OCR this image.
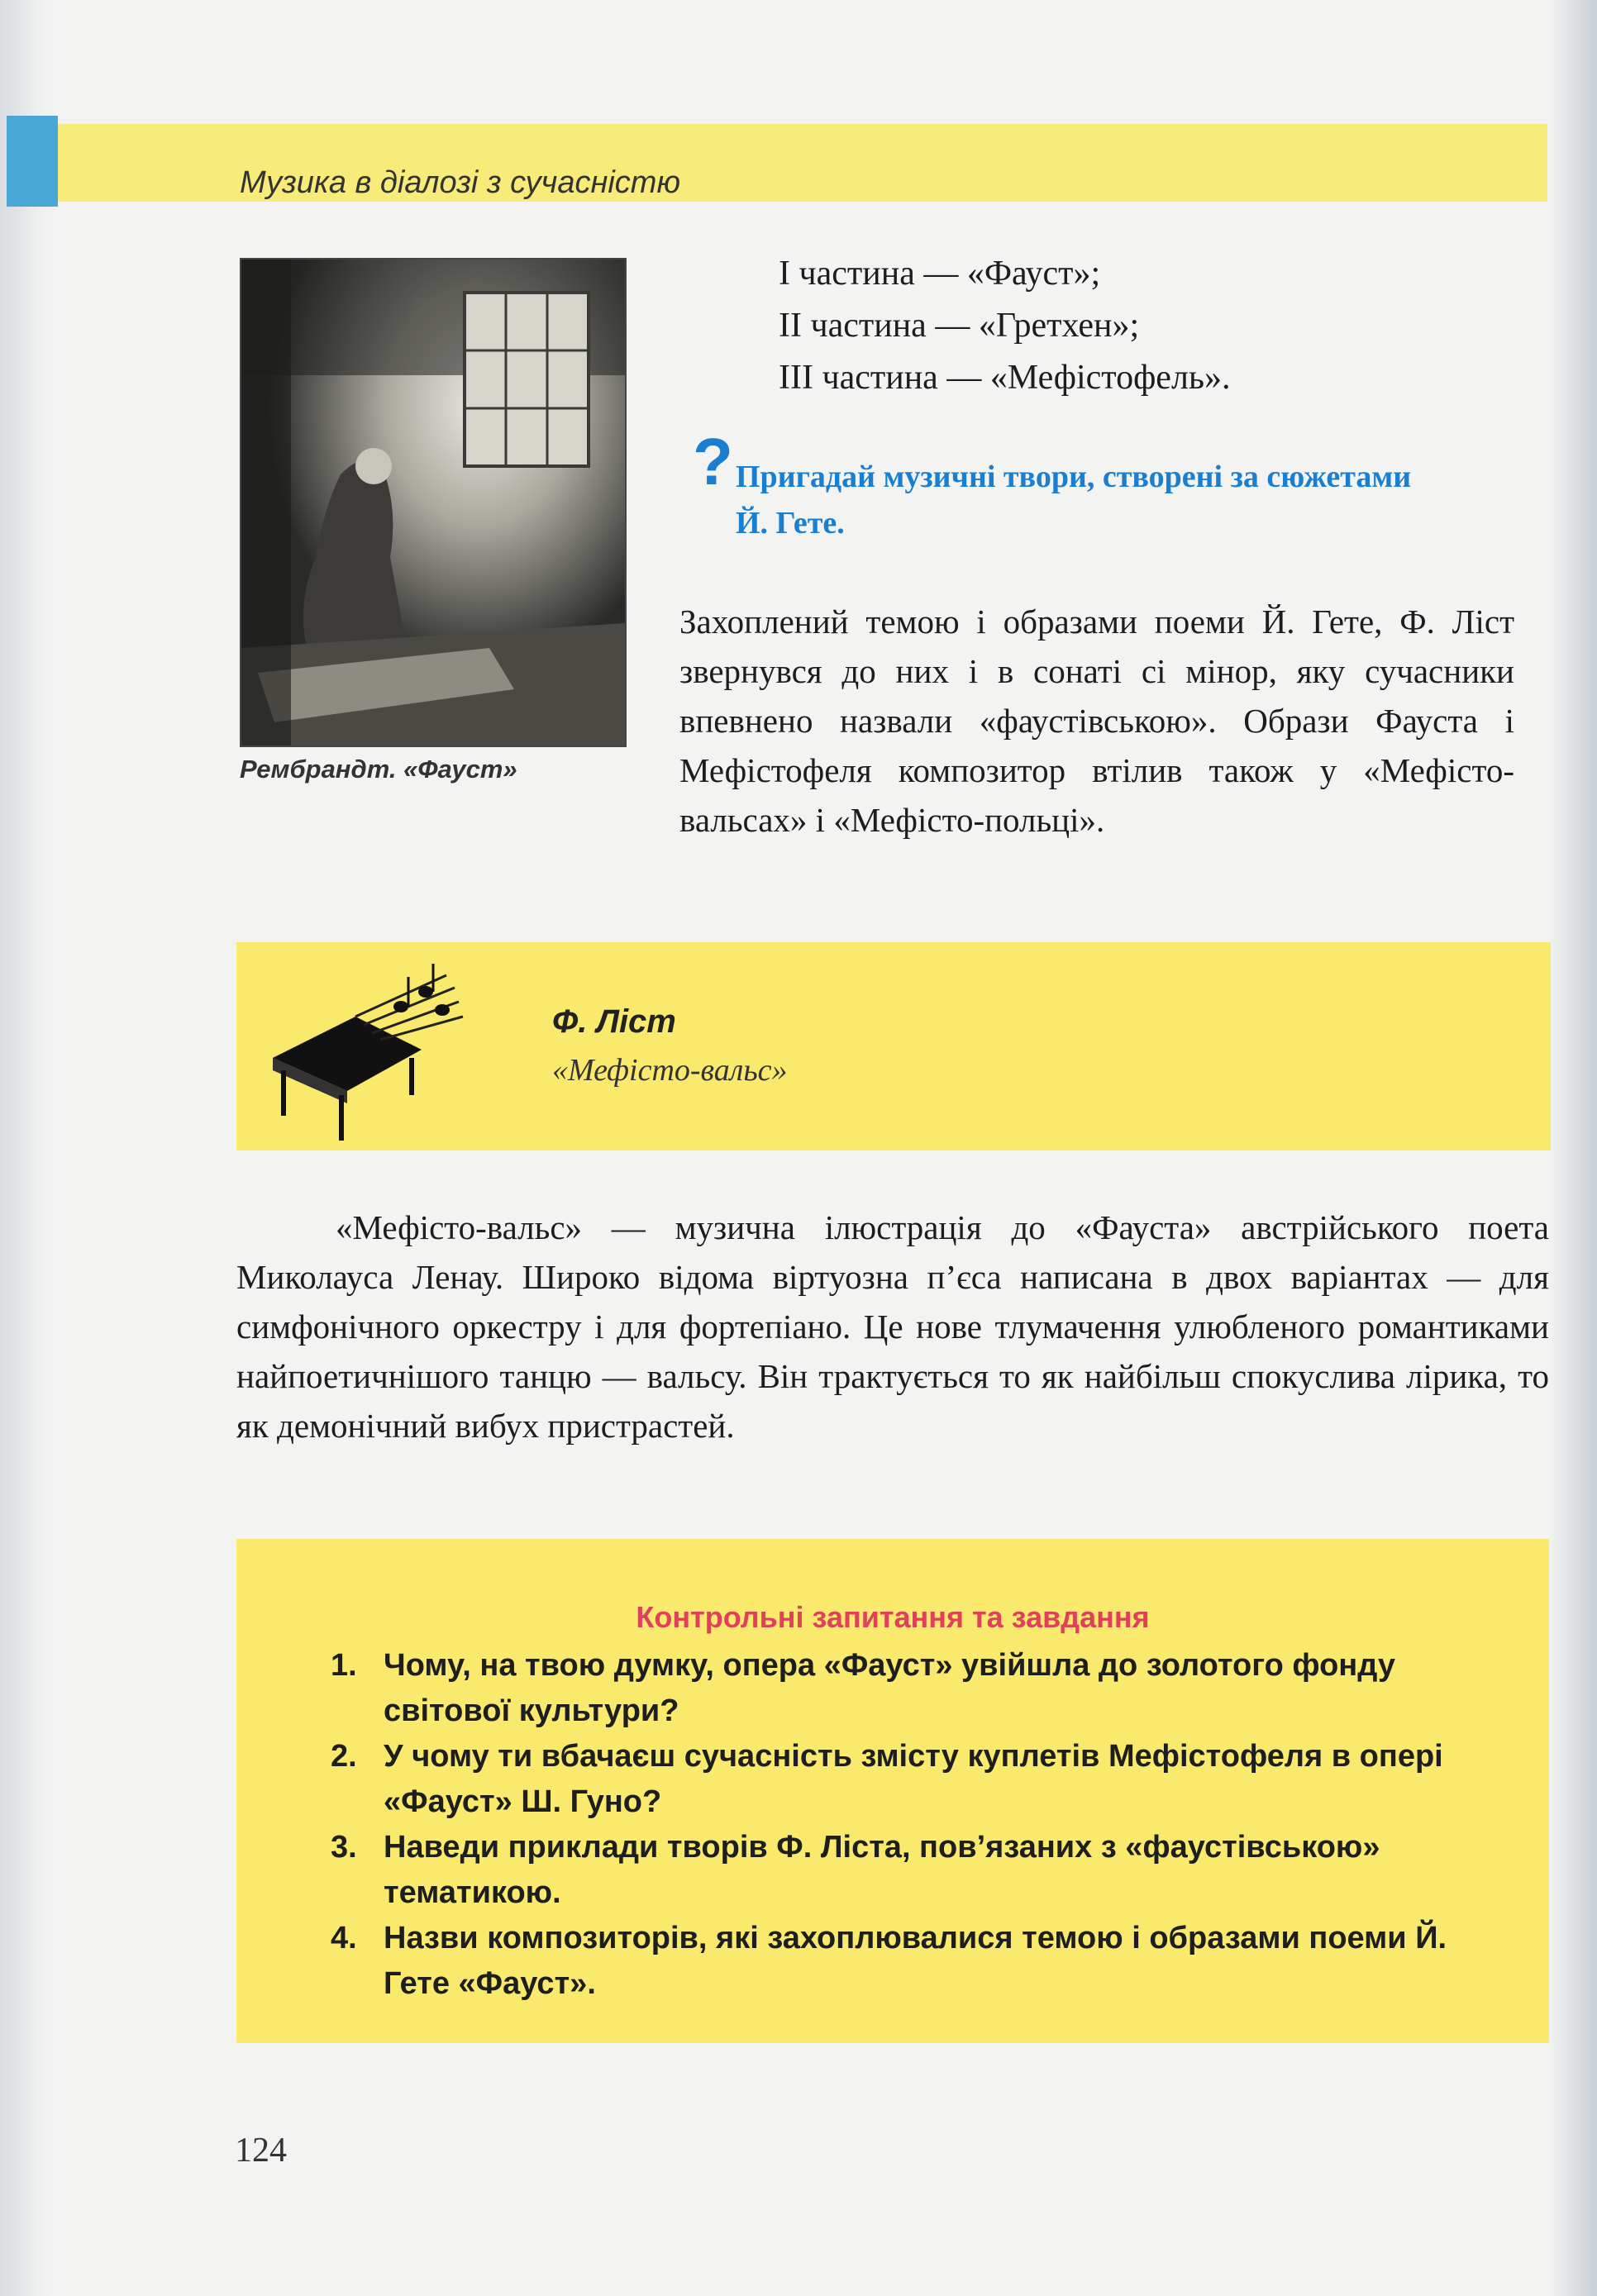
Музика в діалозі з сучасністю
Рембрандт. «Фауст»
І частина — «Фауст»;
ІІ частина — «Гретхен»;
ІІІ частина — «Мефістофель».
? Пригадай музичні твори, створені за сюжетами Й. Гете.
Захоплений темою і образами поеми Й. Гете, Ф. Ліст звернувся до них і в сонаті сі мінор, яку сучасники впевнено назвали «фаустівською». Образи Фауста і Мефістофеля композитор втілив також у «Мефісто-вальсах» і «Мефісто-польці».
Ф. Ліст
«Мефісто-вальс»
«Мефісто-вальс» — музична ілюстрація до «Фауста» австрійського поета Миколауса Ленау. Широко відома віртуозна п’єса написана в двох варіантах — для симфонічного оркестру і для фортепіано. Це нове тлумачення улюбленого романтиками найпоетичнішого танцю — вальсу. Він трактується то як найбільш спокуслива лірика, то як демонічний вибух пристрастей.
Контрольні запитання та завдання
1. Чому, на твою думку, опера «Фауст» увійшла до золотого фонду світової культури?
2. У чому ти вбачаєш сучасність змісту куплетів Мефістофеля в опері «Фауст» Ш. Гуно?
3. Наведи приклади творів Ф. Ліста, пов’язаних з «фаустівською» тематикою.
4. Назви композиторів, які захоплювалися темою і образами поеми Й. Гете «Фауст».
124
